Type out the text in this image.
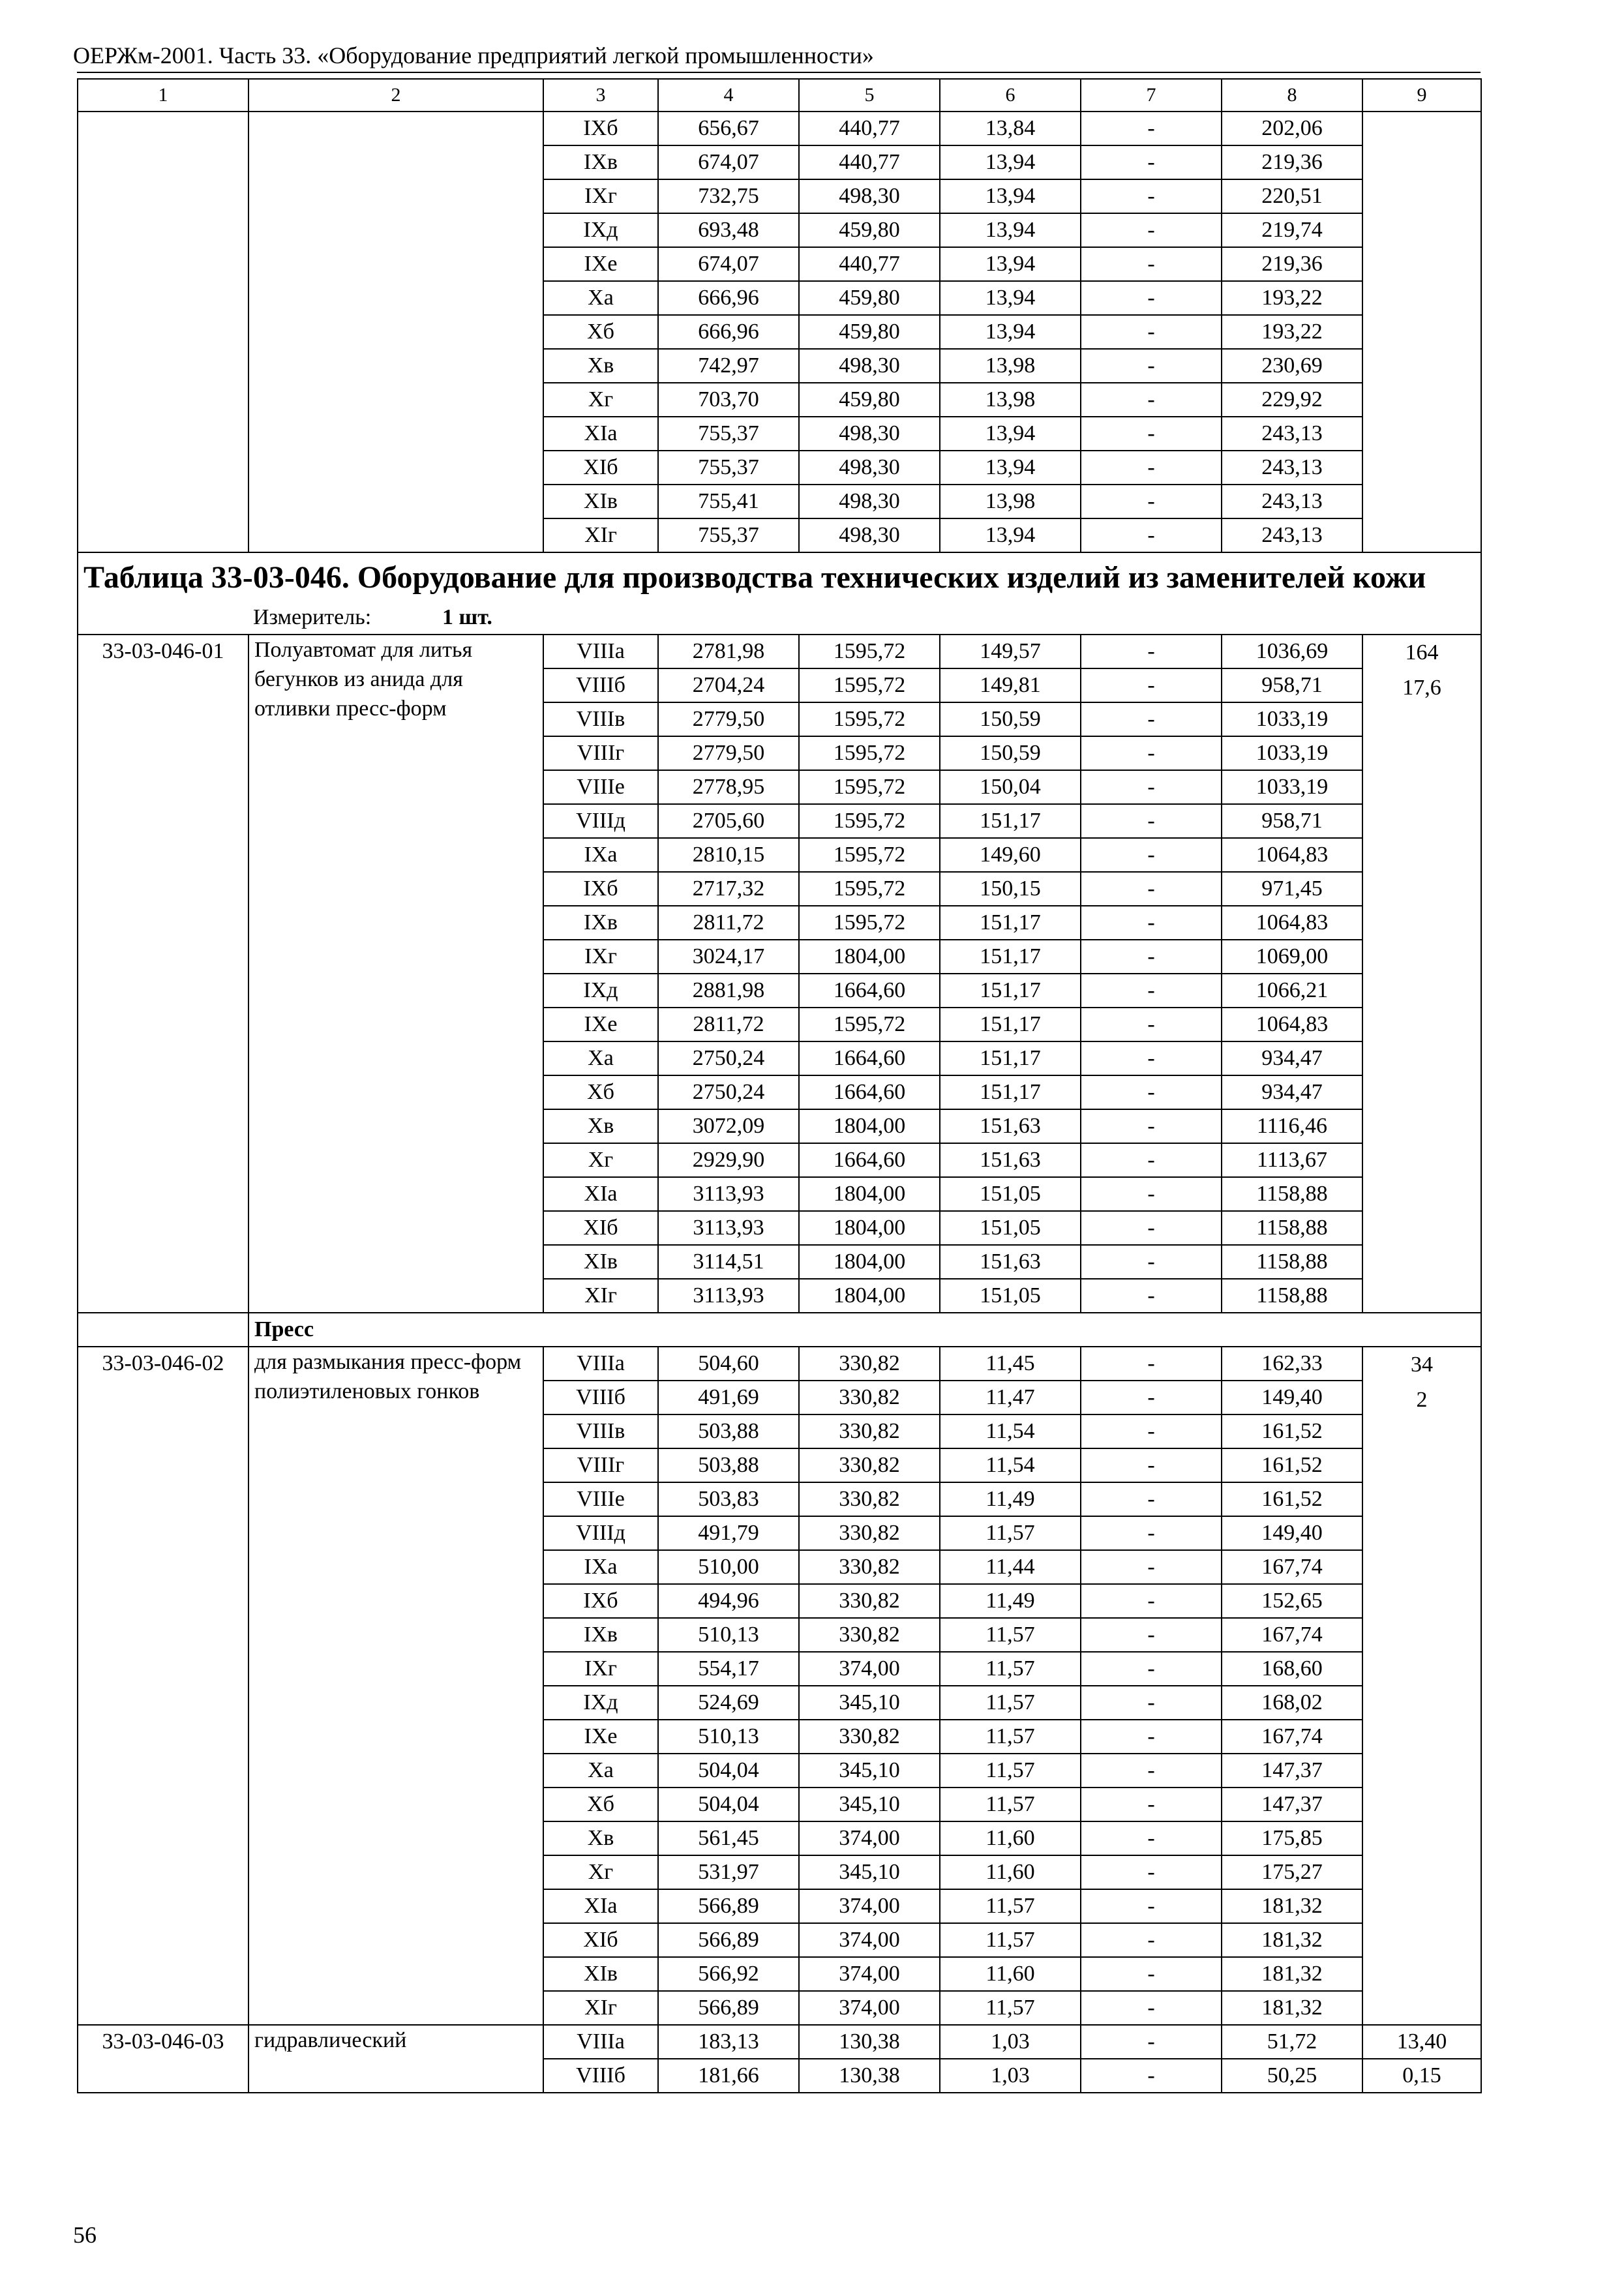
ОЕРЖм-2001. Часть 33. «Оборудование предприятий легкой промышленности»
1	2	3	4	5	6	7	8	9
		IXб	656,67	440,77	13,84	-	202,06	
		IXв	674,07	440,77	13,94	-	219,36	
		IXг	732,75	498,30	13,94	-	220,51	
		IXд	693,48	459,80	13,94	-	219,74	
		IXе	674,07	440,77	13,94	-	219,36	
		Xа	666,96	459,80	13,94	-	193,22	
		Xб	666,96	459,80	13,94	-	193,22	
		Xв	742,97	498,30	13,98	-	230,69	
		Xг	703,70	459,80	13,98	-	229,92	
		XIа	755,37	498,30	13,94	-	243,13	
		XIб	755,37	498,30	13,94	-	243,13	
		XIв	755,41	498,30	13,98	-	243,13	
		XIг	755,37	498,30	13,94	-	243,13	

Таблица 33-03-046. Оборудование для производства технических изделий из заменителей кожи
Измеритель: 1 шт.								

33-03-046-01	Полуавтомат для литья бегунков из анида для отливки пресс-форм	VIIIа	2781,98	1595,72	149,57	-	1036,69	164
17,6

		VIIIб	2704,24	1595,72	149,81	-	958,71	
		VIIIв	2779,50	1595,72	150,59	-	1033,19	
		VIIIг	2779,50	1595,72	150,59	-	1033,19	
		VIIIе	2778,95	1595,72	150,04	-	1033,19	
		VIIIд	2705,60	1595,72	151,17	-	958,71	
		IXа	2810,15	1595,72	149,60	-	1064,83	
		IXб	2717,32	1595,72	150,15	-	971,45	
		IXв	2811,72	1595,72	151,17	-	1064,83	
		IXг	3024,17	1804,00	151,17	-	1069,00	
		IXд	2881,98	1664,60	151,17	-	1066,21	
		IXе	2811,72	1595,72	151,17	-	1064,83	
		Xа	2750,24	1664,60	151,17	-	934,47	
		Xб	2750,24	1664,60	151,17	-	934,47	
		Xв	3072,09	1804,00	151,63	-	1116,46	
		Xг	2929,90	1664,60	151,63	-	1113,67	
		XIа	3113,93	1804,00	151,05	-	1158,88	
		XIб	3113,93	1804,00	151,05	-	1158,88	
		XIв	3114,51	1804,00	151,63	-	1158,88	
		XIг	3113,93	1804,00	151,05	-	1158,88	
	Пресс							
33-03-046-02	для размыкания пресс-форм полиэтиленовых гонков	VIIIа	504,60	330,82	11,45	-	162,33	34
2

		VIIIб	491,69	330,82	11,47	-	149,40	
		VIIIв	503,88	330,82	11,54	-	161,52	
		VIIIг	503,88	330,82	11,54	-	161,52	
		VIIIе	503,83	330,82	11,49	-	161,52	
		VIIIд	491,79	330,82	11,57	-	149,40	
		IXа	510,00	330,82	11,44	-	167,74	
		IXб	494,96	330,82	11,49	-	152,65	
		IXв	510,13	330,82	11,57	-	167,74	
		IXг	554,17	374,00	11,57	-	168,60	
		IXд	524,69	345,10	11,57	-	168,02	
		IXе	510,13	330,82	11,57	-	167,74	
		Xа	504,04	345,10	11,57	-	147,37	
		Xб	504,04	345,10	11,57	-	147,37	
		Xв	561,45	374,00	11,60	-	175,85	
		Xг	531,97	345,10	11,60	-	175,27	
		XIа	566,89	374,00	11,57	-	181,32	
		XIб	566,89	374,00	11,57	-	181,32	
		XIв	566,92	374,00	11,60	-	181,32	
		XIг	566,89	374,00	11,57	-	181,32	
33-03-046-03	гидравлический	VIIIа	183,13	130,38	1,03	-	51,72	13,40
		VIIIб	181,66	130,38	1,03	-	50,25	0,15
56
